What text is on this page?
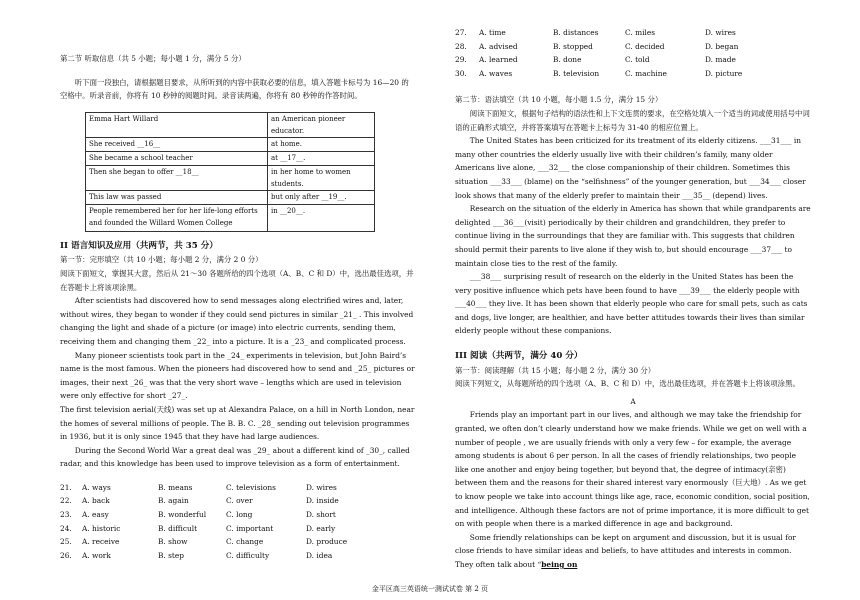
第二节 听取信息（共 5 小题；每小题 1 分，满分 5 分）

听下面一段独白，请根据题目要求，从所听到的内容中获取必要的信息，填入答题卡标号为 16—20 的空格中。听录音前，你将有 10 秒钟的阅题时间。录音读两遍，你将有 80 秒钟的作答时间。

Emma Hart Willard	an American pioneer educator.
She received __16__	at home.
She became a school teacher	at __17__.
Then she began to offer __18__	in her home to women students.
This law was passed	but only after __19__.
People remembered her for her life-long efforts and founded the Willard Women College	in __20__.

II 语言知识及应用（共两节，共 35 分）

第一节：完形填空（共 10 小题；每小题 2 分，满分 2 0 分）

阅读下面短文，掌握其大意，然后从 21～30 各题所给的四个选项（A、B、C 和 D）中，选出最佳选项，并在答题卡上将该项涂黑。

After scientists had discovered how to send messages along electrified wires and, later, without wires, they began to wonder if they could send pictures in similar _21_ . This involved changing the light and shade of a picture (or image) into electric currents, sending them, receiving them and changing them _22_ into a picture. It is a _23_ and complicated process.

Many pioneer scientists took part in the _24_ experiments in television, but John Baird’s name is the most famous. When the pioneers had discovered how to send and _25_ pictures or images, their next _26_ was that the very short wave – lengths which are used in television were only effective for short _27_.

The first television aerial(天线) was set up at Alexandra Palace, on a hill in North London, near the homes of several millions of people. The B. B. C. _28_ sending out television programmes in 1936, but it is only since 1945 that they have had large audiences.

During the Second World War a great deal was _29_ about a different kind of _30_, called radar, and this knowledge has been used to improve television as a form of entertainment.

21.	A. ways	B. means	C. televisions	D. wires
22.	A. back	B. again	C. over	D. inside
23.	A. easy	B. wonderful	C. long	D. short
24.	A. historic	B. difficult	C. important	D. early
25.	A. receive	B. show	C. change	D. produce
26.	A. work	B. step	C. difficulty	D. idea
27.	A. time	B. distances	C. miles	D. wires
28.	A. advised	B. stopped	C. decided	D. began
29.	A. learned	B. done	C. told	D. made
30.	A. waves	B. television	C. machine	D. picture

第二节：语法填空（共 10 小题，每小题 1.5 分，满分 15 分）

阅读下面短文，根据句子结构的语法性和上下文连贯的要求，在空格处填入一个适当的词或使用括号中词语的正确形式填空，并将答案填写在答题卡上标号为 31-40 的相应位置上。

The United States has been criticized for its treatment of its elderly citizens. ___31___ in many other countries the elderly usually live with their children’s family, many older Americans live alone, ___32___ the close companionship of their children. Sometimes this situation ___33___ (blame) on the “selfishness” of the younger generation, but ___34___ closer look shows that many of the elderly prefer to maintain their ___35__ (depend) lives.

Research on the situation of the elderly in America has shown that while grandparents are delighted ___36___(visit) periodically by their children and grandchildren, they prefer to continue living in the surroundings that they are familiar with. This suggests that children should permit their parents to live alone if they wish to, but should encourage ___37___ to maintain close ties to the rest of the family.

___38___ surprising result of research on the elderly in the United States has been the very positive influence which pets have been found to have ___39___ the elderly people with ___40___ they live. It has been shown that elderly people who care for small pets, such as cats and dogs, live longer, are healthier, and have better attitudes towards their lives than similar elderly people without these companions.

III 阅读（共两节，满分 40 分）

第一节：阅读理解（共 15 小题；每小题 2 分，满分 30 分）

阅读下列短文，从每题所给的四个选项（A、B、C 和 D）中，选出最佳选项，并在答题卡上将该项涂黑。

A

Friends play an important part in our lives, and although we may take the friendship for granted, we often don’t clearly understand how we make friends. While we get on well with a number of people , we are usually friends with only a very few – for example, the average among students is about 6 per person. In all the cases of friendly relationships, two people like one another and enjoy being together, but beyond that, the degree of intimacy(亲密) between them and the reasons for their shared interest vary enormously（巨大地）. As we get to know people we take into account things like age, race, economic condition, social position, and intelligence. Although these factors are not of prime importance, it is more difficult to get on with people when there is a marked difference in age and background.

Some friendly relationships can be kept on argument and discussion, but it is usual for close friends to have similar ideas and beliefs, to have attitudes and interests in common. They often talk about “being on

金平区高三英语统一测试试卷 第 2 页
